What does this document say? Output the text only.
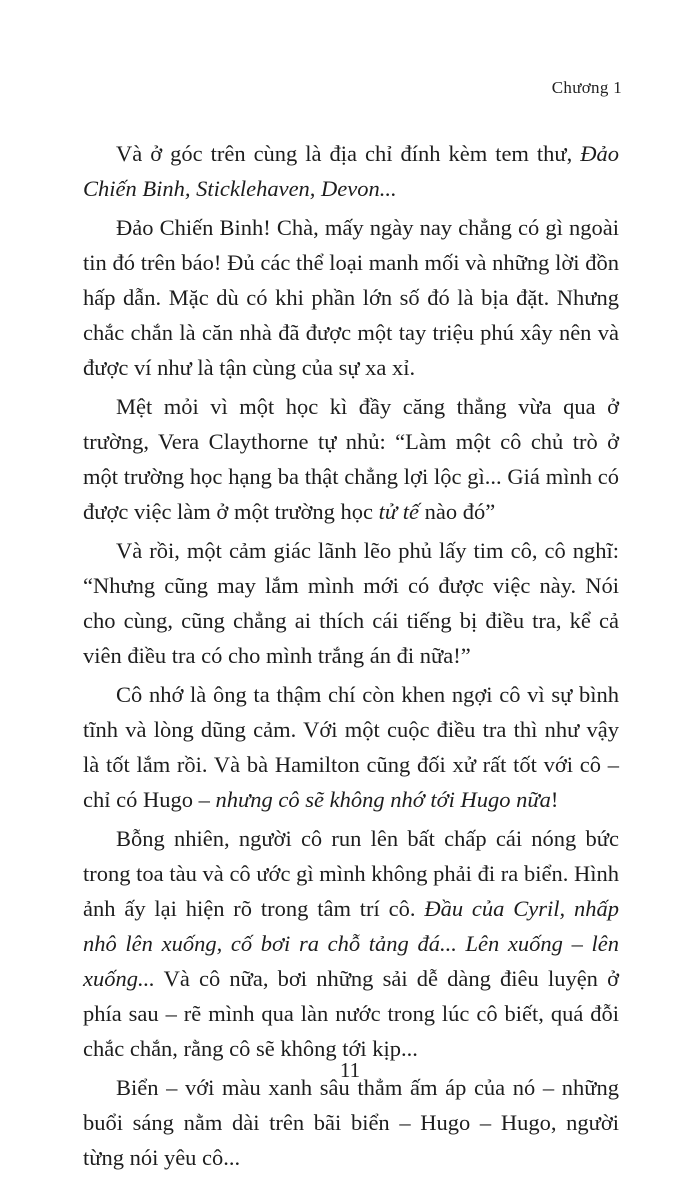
Chương 1

Và ở góc trên cùng là địa chỉ đính kèm tem thư, Đảo Chiến Binh, Sticklehaven, Devon...

Đảo Chiến Binh! Chà, mấy ngày nay chẳng có gì ngoài tin đó trên báo! Đủ các thể loại manh mối và những lời đồn hấp dẫn. Mặc dù có khi phần lớn số đó là bịa đặt. Nhưng chắc chắn là căn nhà đã được một tay triệu phú xây nên và được ví như là tận cùng của sự xa xỉ.

Mệt mỏi vì một học kì đầy căng thẳng vừa qua ở trường, Vera Claythorne tự nhủ: “Làm một cô chủ trò ở một trường học hạng ba thật chẳng lợi lộc gì... Giá mình có được việc làm ở một trường học tử tế nào đó”

Và rồi, một cảm giác lãnh lẽo phủ lấy tim cô, cô nghĩ: “Nhưng cũng may lắm mình mới có được việc này. Nói cho cùng, cũng chẳng ai thích cái tiếng bị điều tra, kể cả viên điều tra có cho mình trắng án đi nữa!”

Cô nhớ là ông ta thậm chí còn khen ngợi cô vì sự bình tĩnh và lòng dũng cảm. Với một cuộc điều tra thì như vậy là tốt lắm rồi. Và bà Hamilton cũng đối xử rất tốt với cô – chỉ có Hugo – nhưng cô sẽ không nhớ tới Hugo nữa!

Bỗng nhiên, người cô run lên bất chấp cái nóng bức trong toa tàu và cô ước gì mình không phải đi ra biển. Hình ảnh ấy lại hiện rõ trong tâm trí cô. Đầu của Cyril, nhấp nhô lên xuống, cố bơi ra chỗ tảng đá... Lên xuống – lên xuống... Và cô nữa, bơi những sải dễ dàng điêu luyện ở phía sau – rẽ mình qua làn nước trong lúc cô biết, quá đỗi chắc chắn, rằng cô sẽ không tới kịp...

Biển – với màu xanh sâu thẳm ấm áp của nó – những buổi sáng nằm dài trên bãi biển – Hugo – Hugo, người từng nói yêu cô...

11
